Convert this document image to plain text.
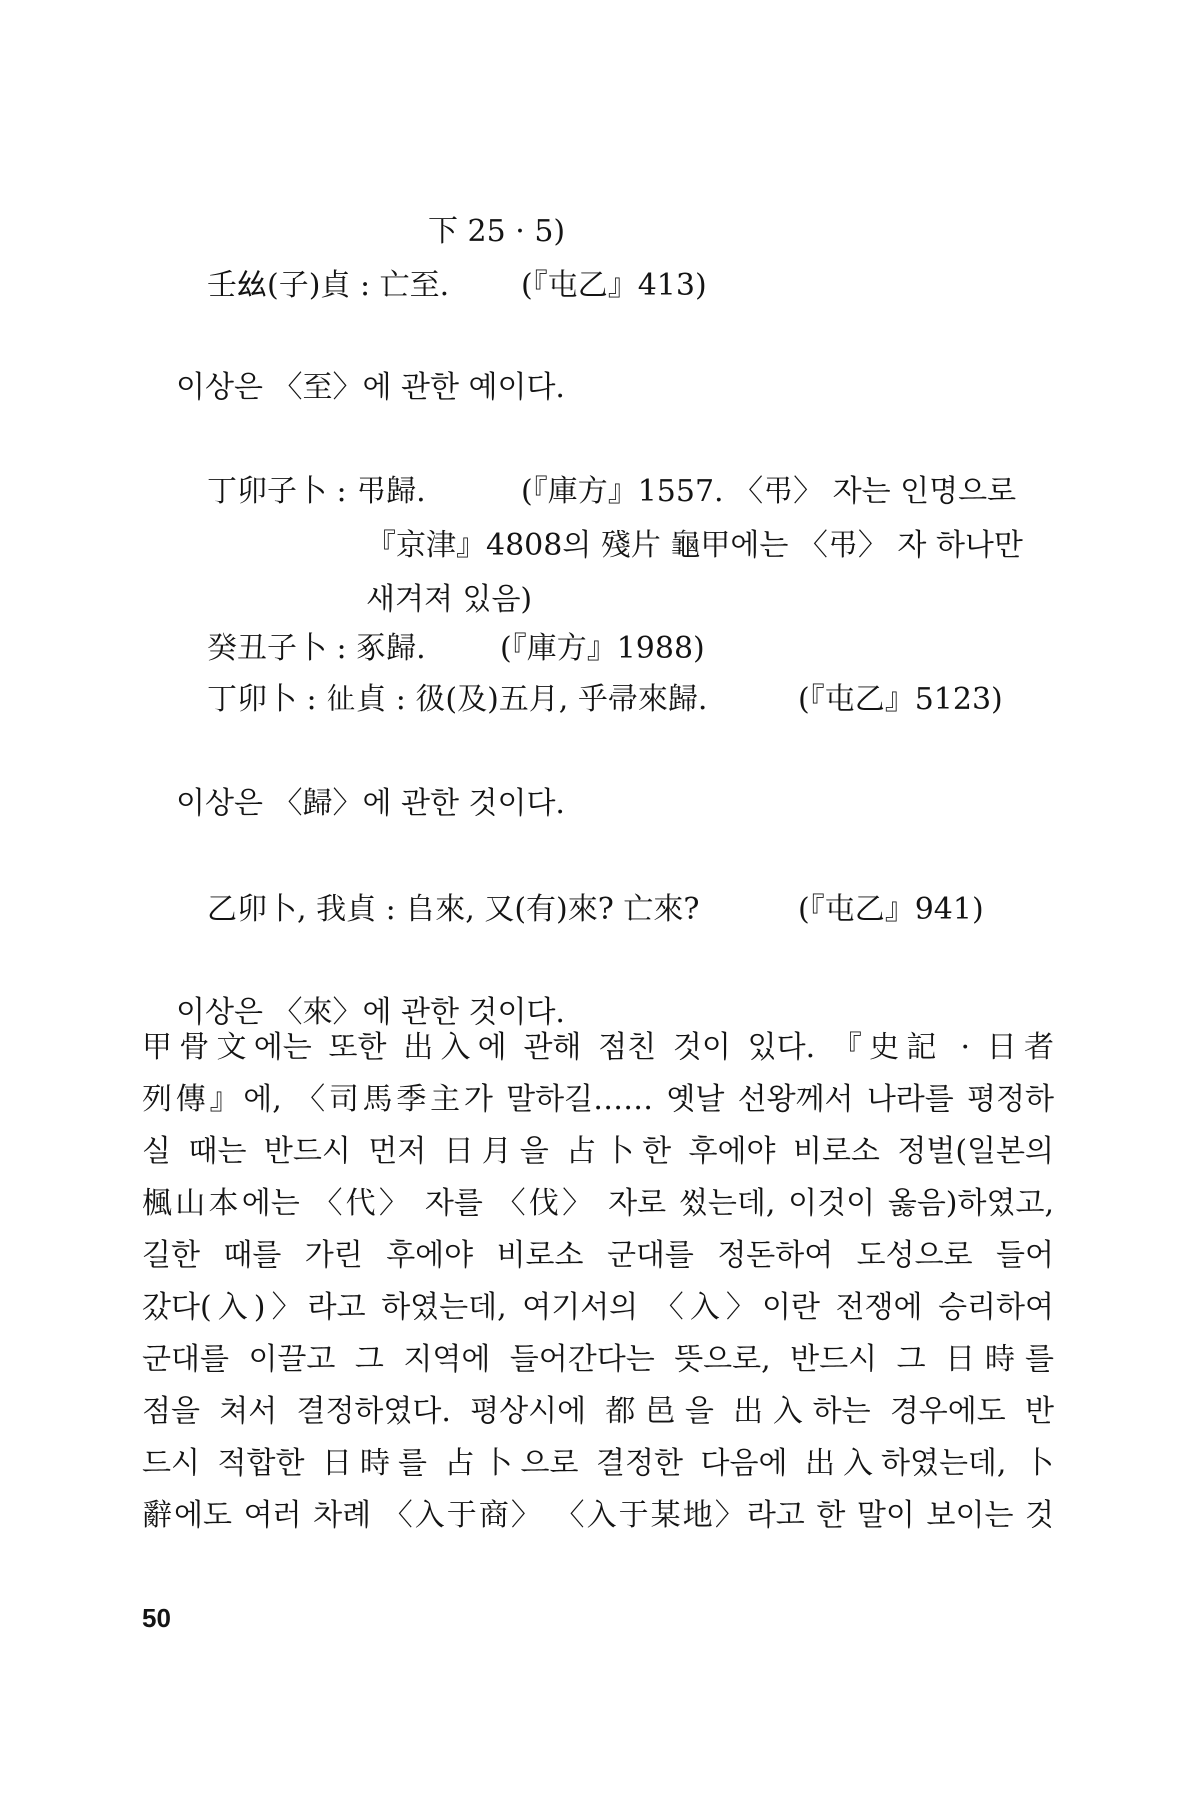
下 25 · 5)
壬𢆶(子)貞 : 亡至. (『屯乙』413)
이상은 〈至〉에 관한 예이다.
丁卯子卜 : 弔歸.	(『庫方』1557. 〈弔〉 자는 인명으로
『京津』4808의 殘片 龜甲에는 〈弔〉 자 하나만
새겨져 있음)
癸丑子卜 : 豖歸. (『庫方』1988)
丁卯卜 : 𢓊貞 : 彶(及)五月, 乎帚來歸.	(『屯乙』5123)
이상은 〈歸〉에 관한 것이다.
乙卯卜, 我貞 : 𠂤來, 又(有)來? 亡來?	(『屯乙』941)
이상은 〈來〉에 관한 것이다.
甲骨文에는 또한 出入에 관해 점친 것이 있다. 『史記 · 日者
列傳』에, 〈司馬季主가 말하길…… 옛날 선왕께서 나라를 평정하
실 때는 반드시 먼저 日月을 占卜한 후에야 비로소 정벌(일본의
楓山本에는 〈代〉 자를 〈伐〉 자로 썼는데, 이것이 옳음)하였고,
길한 때를 가린 후에야 비로소 군대를 정돈하여 도성으로 들어
갔다(入)〉라고 하였는데, 여기서의 〈入〉이란 전쟁에 승리하여
군대를 이끌고 그 지역에 들어간다는 뜻으로, 반드시 그 日時를
점을 쳐서 결정하였다. 평상시에 都邑을 出入하는 경우에도 반
드시 적합한 日時를 占卜으로 결정한 다음에 出入하였는데, 卜
辭에도 여러 차례 〈入于商〉 〈入于某地〉라고 한 말이 보이는 것
50
